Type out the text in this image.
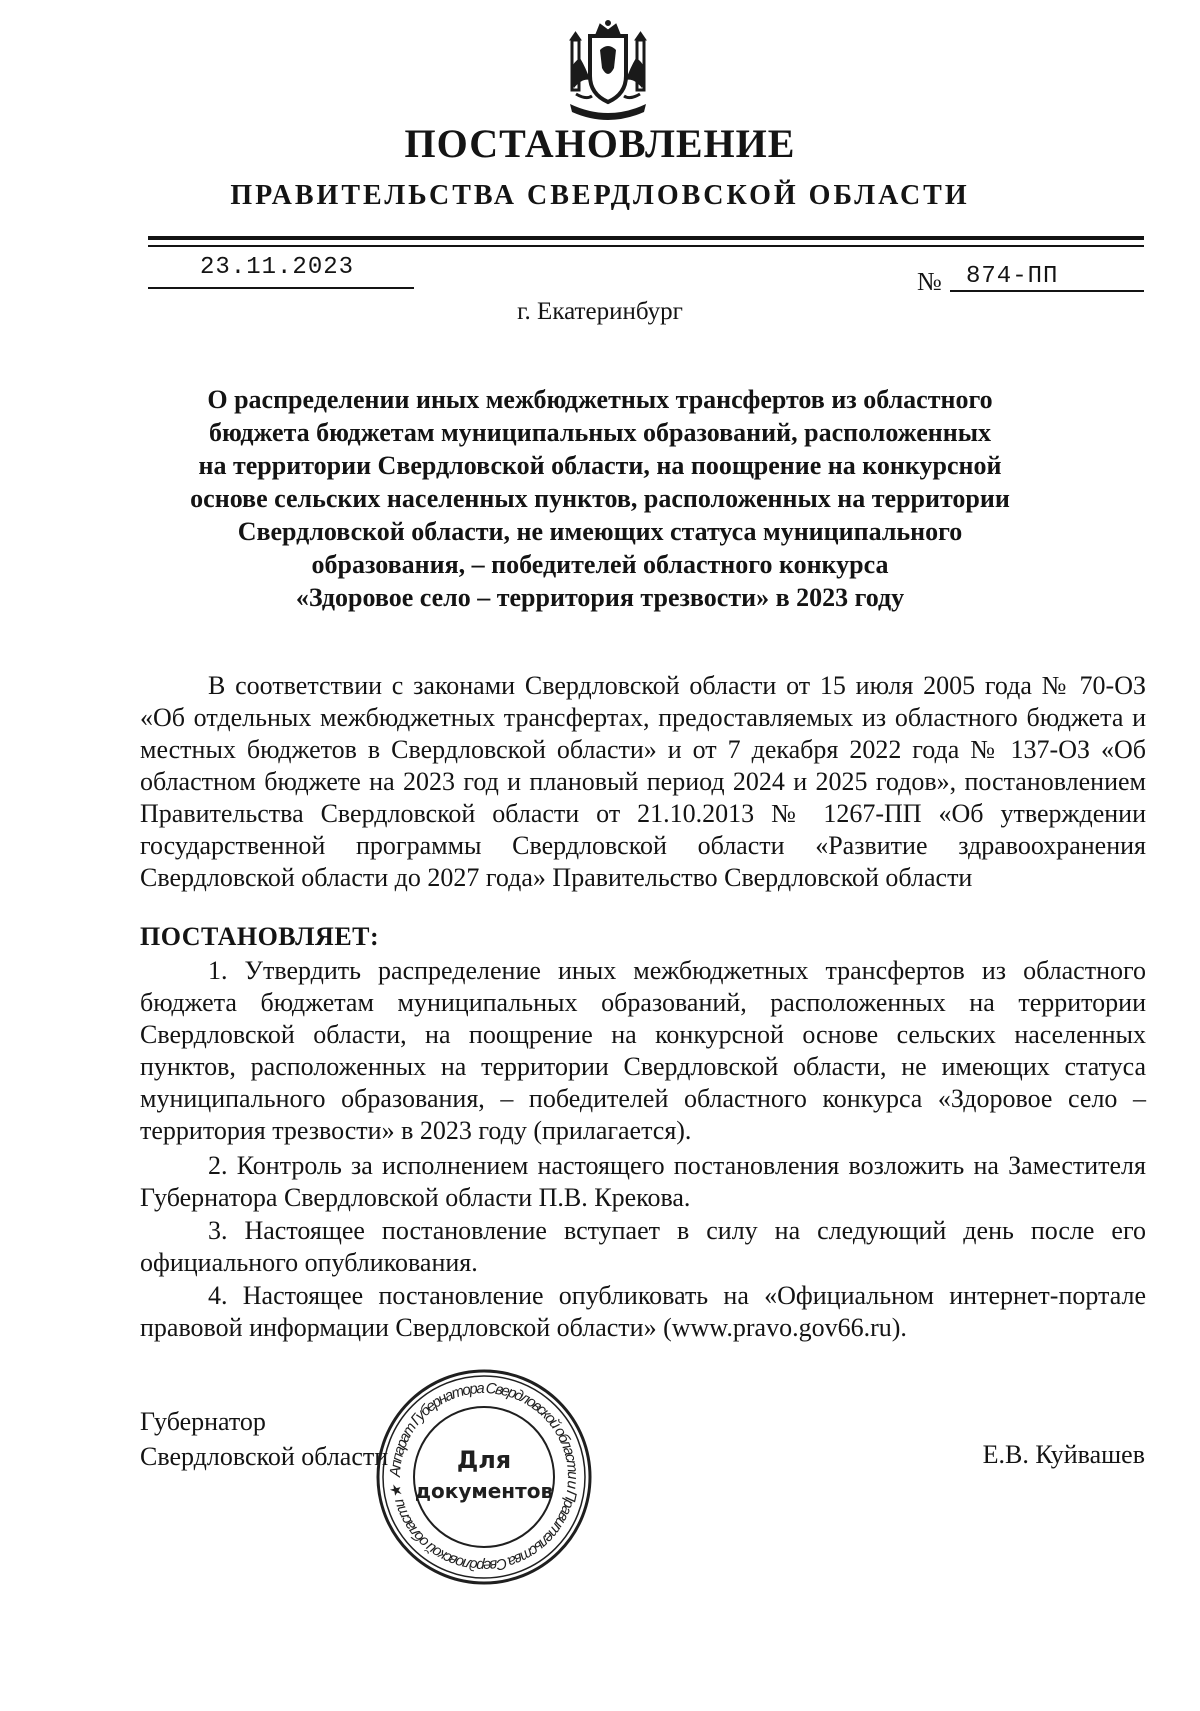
ПОСТАНОВЛЕНИЕ
ПРАВИТЕЛЬСТВА СВЕРДЛОВСКОЙ ОБЛАСТИ
23.11.2023	№ 874-ПП
г. Екатеринбург
О распределении иных межбюджетных трансфертов из областного
бюджета бюджетам муниципальных образований, расположенных
на территории Свердловской области, на поощрение на конкурсной
основе сельских населенных пунктов, расположенных на территории
Свердловской области, не имеющих статуса муниципального
образования, – победителей областного конкурса
«Здоровое село – территория трезвости» в 2023 году

В соответствии с законами Свердловской области от 15 июля 2005 года № 70-ОЗ «Об отдельных межбюджетных трансфертах, предоставляемых из областного бюджета и местных бюджетов в Свердловской области» и от 7 декабря 2022 года № 137-ОЗ «Об областном бюджете на 2023 год и плановый период 2024 и 2025 годов», постановлением Правительства Свердловской области от 21.10.2013 № 1267-ПП «Об утверждении государственной программы Свердловской области «Развитие здравоохранения Свердловской области до 2027 года» Правительство Свердловской области

ПОСТАНОВЛЯЕТ:

1. Утвердить распределение иных межбюджетных трансфертов из областного бюджета бюджетам муниципальных образований, расположенных на территории Свердловской области, на поощрение на конкурсной основе сельских населенных пунктов, расположенных на территории Свердловской области, не имеющих статуса муниципального образования, – победителей областного конкурса «Здоровое село – территория трезвости» в 2023 году (прилагается).

2. Контроль за исполнением настоящего постановления возложить на Заместителя Губернатора Свердловской области П.В. Крекова.

3. Настоящее постановление вступает в силу на следующий день после его официального опубликования.

4. Настоящее постановление опубликовать на «Официальном интернет-портале правовой информации Свердловской области» (www.pravo.gov66.ru).

Губернатор
Свердловской области	Е.В. Куйвашев
Аппарат Губернатора Свердловской области и Правительства Свердловской области ★
Для
документов
